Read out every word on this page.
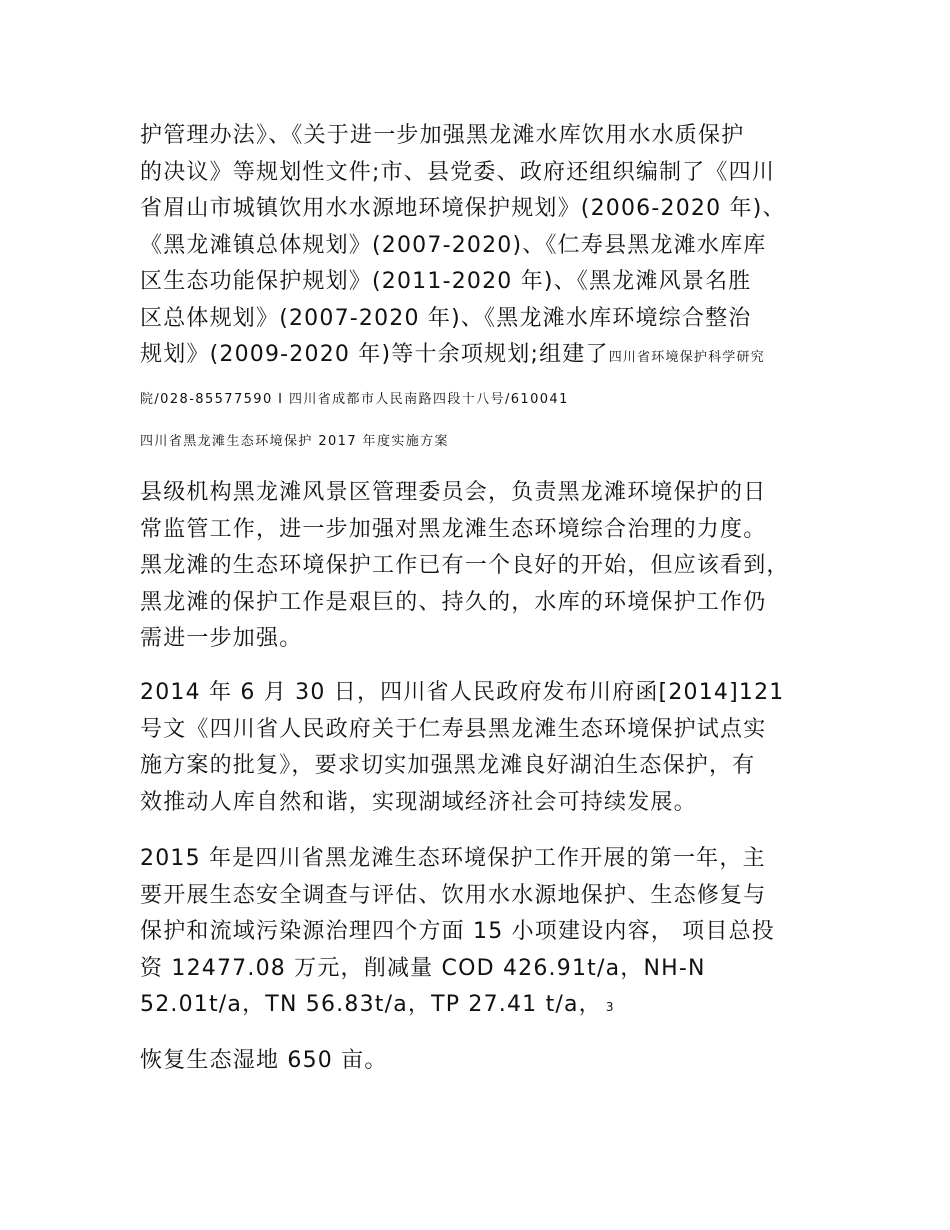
护管理办法》、《关于进一步加强黑龙滩水库饮用水水质保护
的决议》等规划性文件;市、县党委、政府还组织编制了《四川
省眉山市城镇饮用水水源地环境保护规划》(2006-2020 年)、
《黑龙滩镇总体规划》(2007-2020)、《仁寿县黑龙滩水库库
区生态功能保护规划》(2011-2020 年)、《黑龙滩风景名胜
区总体规划》(2007-2020 年)、《黑龙滩水库环境综合整治
规划》(2009-2020 年)等十余项规划;组建了四川省环境保护科学研究
院/028-85577590 I 四川省成都市人民南路四段十八号/610041
四川省黑龙滩生态环境保护 2017 年度实施方案
县级机构黑龙滩风景区管理委员会，负责黑龙滩环境保护的日
常监管工作，进一步加强对黑龙滩生态环境综合治理的力度。
黑龙滩的生态环境保护工作已有一个良好的开始，但应该看到，
黑龙滩的保护工作是艰巨的、持久的，水库的环境保护工作仍
需进一步加强。
2014 年 6 月 30 日，四川省人民政府发布川府函[2014]121
号文《四川省人民政府关于仁寿县黑龙滩生态环境保护试点实
施方案的批复》，要求切实加强黑龙滩良好湖泊生态保护，有
效推动人库自然和谐，实现湖域经济社会可持续发展。
2015 年是四川省黑龙滩生态环境保护工作开展的第一年，主
要开展生态安全调查与评估、饮用水水源地保护、生态修复与
保护和流域污染源治理四个方面 15 小项建设内容， 项目总投
资 12477.08 万元，削减量 COD 426.91t/a，NH-N
52.01t/a，TN 56.83t/a，TP 27.41 t/a， 3
恢复生态湿地 650 亩。
